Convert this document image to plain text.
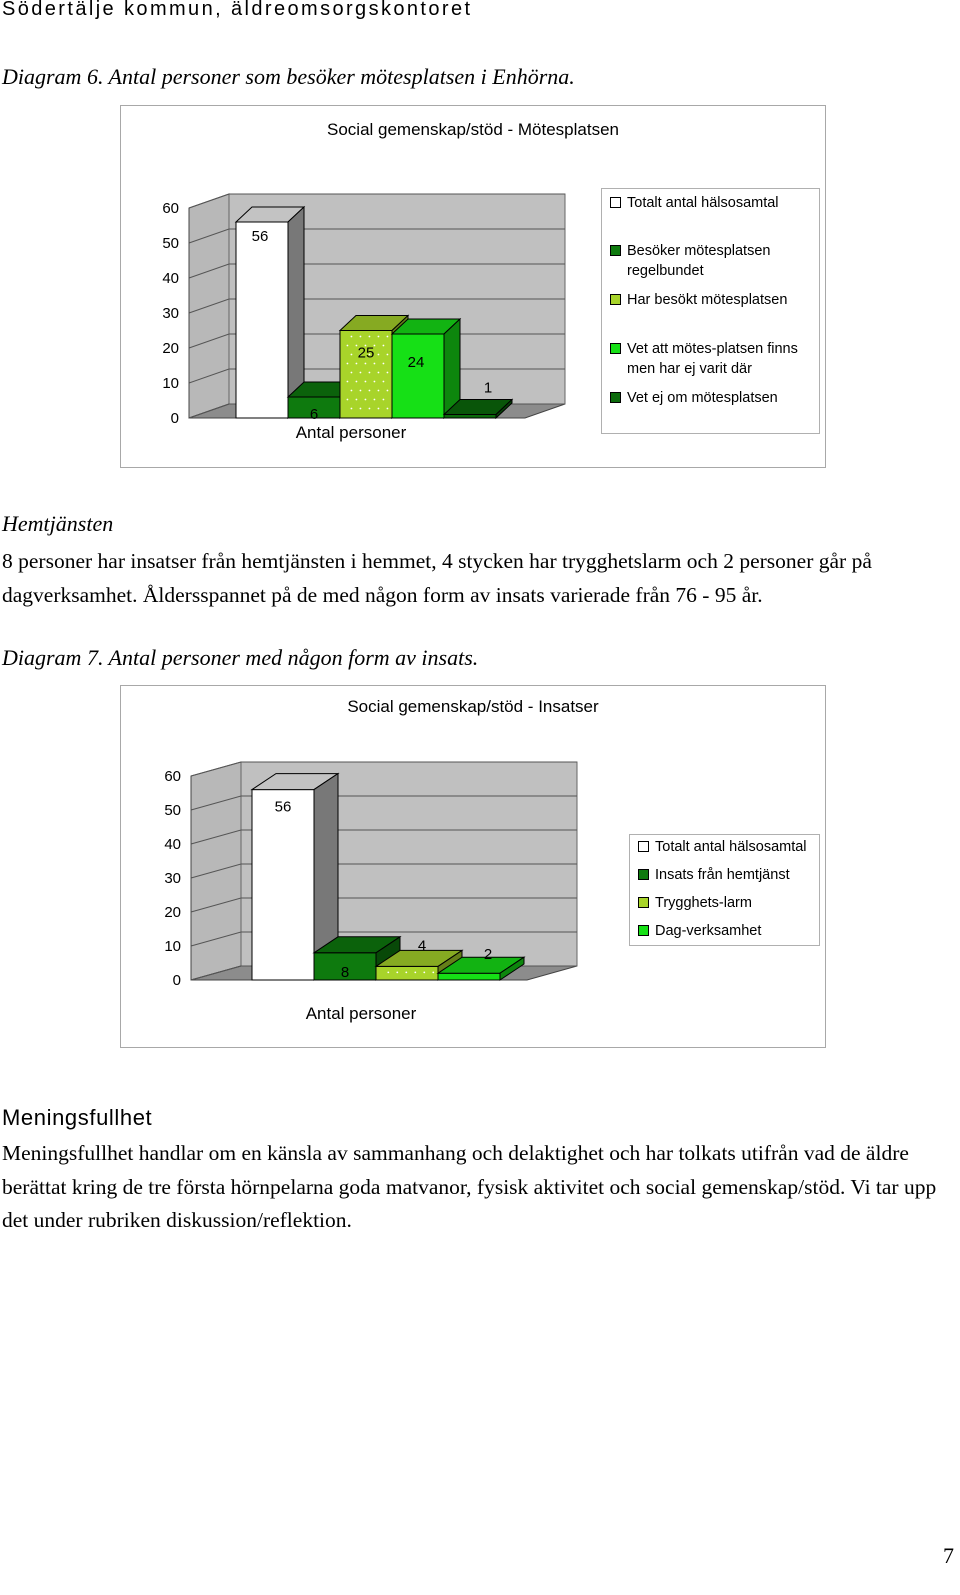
Södertälje kommun, äldreomsorgskontoret
Diagram 6. Antal personer som besöker mötesplatsen i Enhörna.
Social gemenskap/stöd - Mötesplatsen
0
10
20
30
40
50
60
56
6
25
24
1
Antal personer
Totalt antal hälsosamtal
Besöker mötesplatsen regelbundet
Har besökt mötesplatsen
Vet att mötes-platsen finns men har ej varit där
Vet ej om mötesplatsen
Hemtjänsten
8 personer har insatser från hemtjänsten i hemmet, 4 stycken har trygghetslarm och 2 personer går på dagverksamhet. Åldersspannet på de med någon form av insats varierade från 76 - 95 år.
Diagram 7. Antal personer med någon form av insats.
Social gemenskap/stöd - Insatser
0
10
20
30
40
50
60
56
8
4
2
Antal personer
Totalt antal hälsosamtal
Insats från hemtjänst
Trygghets-larm
Dag-verksamhet
Meningsfullhet
Meningsfullhet handlar om en känsla av sammanhang och delaktighet och har tolkats utifrån vad de äldre berättat kring de tre första hörnpelarna goda matvanor, fysisk aktivitet och social gemenskap/stöd. Vi tar upp det under rubriken diskussion/reflektion.
7
